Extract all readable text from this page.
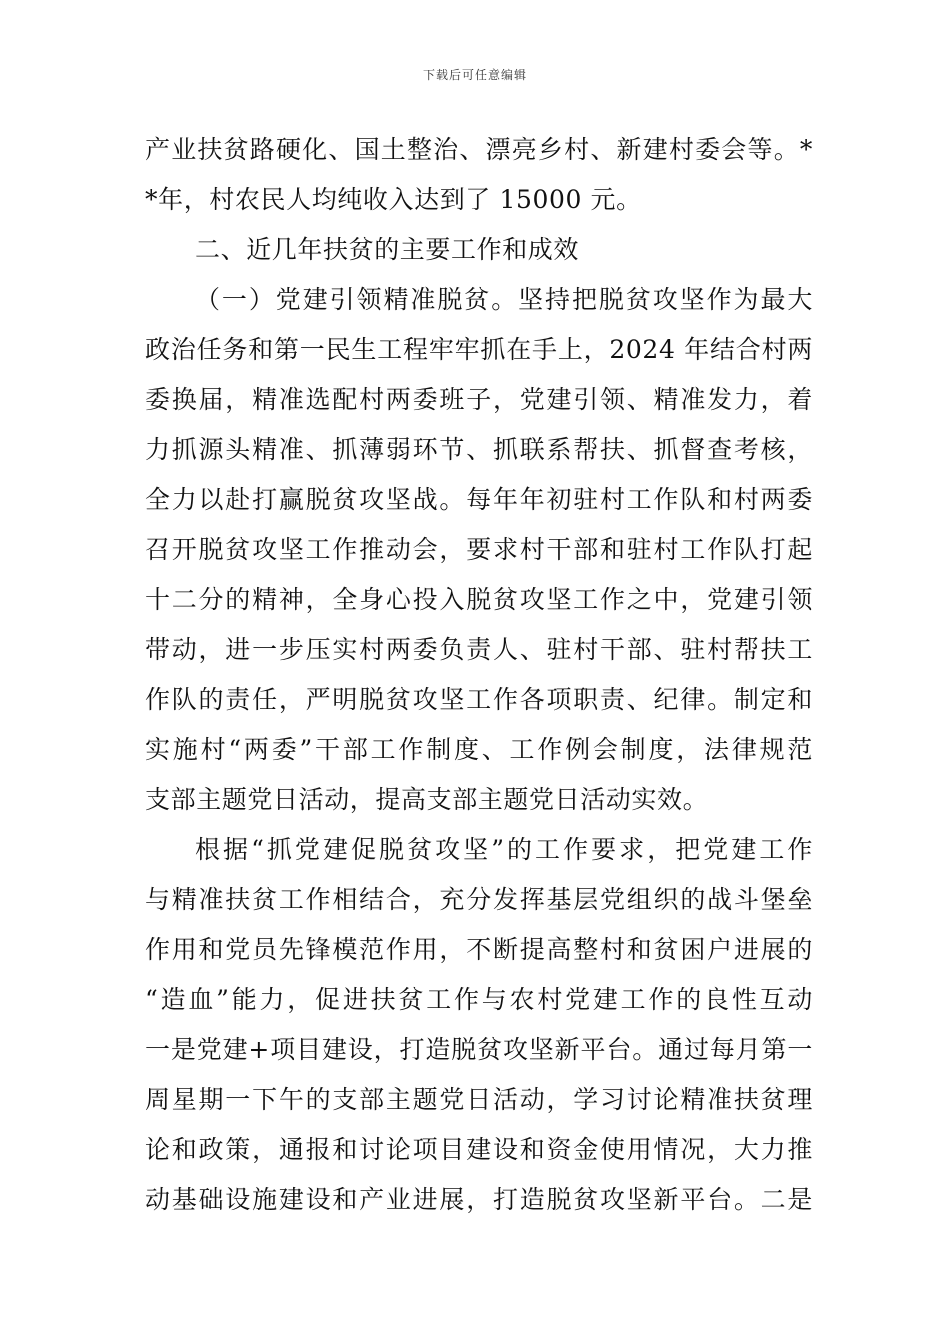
下载后可任意编辑
产业扶贫路硬化、国土整治、漂亮乡村、新建村委会等。*
*年，村农民人均纯收入达到了 15000 元。
二、近几年扶贫的主要工作和成效
（一）党建引领精准脱贫。坚持把脱贫攻坚作为最大
政治任务和第一民生工程牢牢抓在手上，2024 年结合村两
委换届，精准选配村两委班子，党建引领、精准发力，着
力抓源头精准、抓薄弱环节、抓联系帮扶、抓督查考核，
全力以赴打赢脱贫攻坚战。每年年初驻村工作队和村两委
召开脱贫攻坚工作推动会，要求村干部和驻村工作队打起
十二分的精神，全身心投入脱贫攻坚工作之中，党建引领
带动，进一步压实村两委负责人、驻村干部、驻村帮扶工
作队的责任，严明脱贫攻坚工作各项职责、纪律。制定和
实施村“两委”干部工作制度、工作例会制度，法律规范
支部主题党日活动，提高支部主题党日活动实效。
根据“抓党建促脱贫攻坚”的工作要求，把党建工作
与精准扶贫工作相结合，充分发挥基层党组织的战斗堡垒
作用和党员先锋模范作用，不断提高整村和贫困户进展的
“造血”能力，促进扶贫工作与农村党建工作的良性互动
一是党建+项目建设，打造脱贫攻坚新平台。通过每月第一
周星期一下午的支部主题党日活动，学习讨论精准扶贫理
论和政策，通报和讨论项目建设和资金使用情况，大力推
动基础设施建设和产业进展，打造脱贫攻坚新平台。二是
